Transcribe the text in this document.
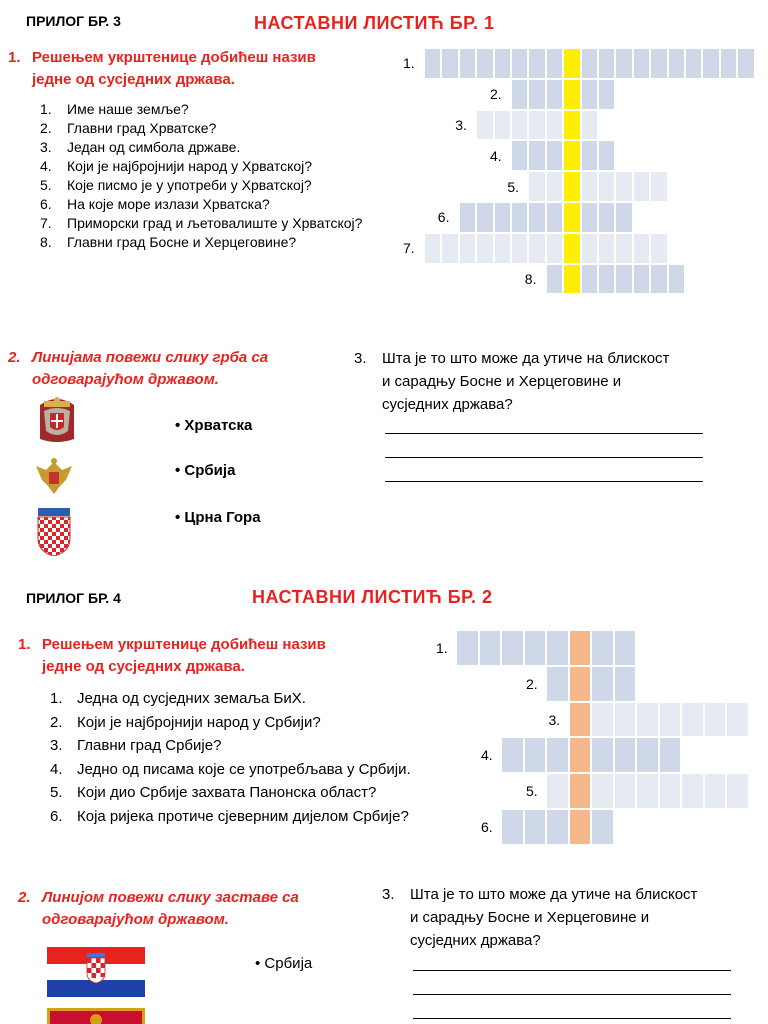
ПРИЛОГ БР. 3	НАСТАВНИ ЛИСТИЋ БР. 1
1. Решењем укрштенице добићеш назив
једне од сусједних држава.
1. Име наше земље?
2. Главни град Хрватске?
3. Један од симбола државе.
4. Који је најбројнији народ у Хрватској?
5. Које писмо је у употреби у Хрватској?
6. На које море излази Хрватска?
7. Приморски град и љетовалиште у Хрватској?
8. Главни град Босне и Херцеговине?
1.
2.
3.
4.
5.
6.
7.
8.
2. Линијама повежи слику грба са
одговарајућом државом.
• Хрватска
• Србија
• Црна Гора
3. Шта је то што може да утиче на блискост
и сарадњу Босне и Херцеговине и
сусједних држава?
ПРИЛОГ БР. 4	НАСТАВНИ ЛИСТИЋ БР. 2
1. Решењем укрштенице добићеш назив
једне од сусједних држава.
1. Једна од сусједних земаља БиХ.
2. Који је најбројнији народ у Србији?
3. Главни град Србије?
4. Једно од писама које се употребљава у Србији.
5. Који дио Србије захвата Панонска област?
6. Која ријека протиче сјеверним дијелом Србије?
1.
2.
3.
4.
5.
6.
2. Линијом повежи слику заставе са
одговарајућом државом.
• Србија
3. Шта је то што може да утиче на блискост
и сарадњу Босне и Херцеговине и
сусједних држава?
